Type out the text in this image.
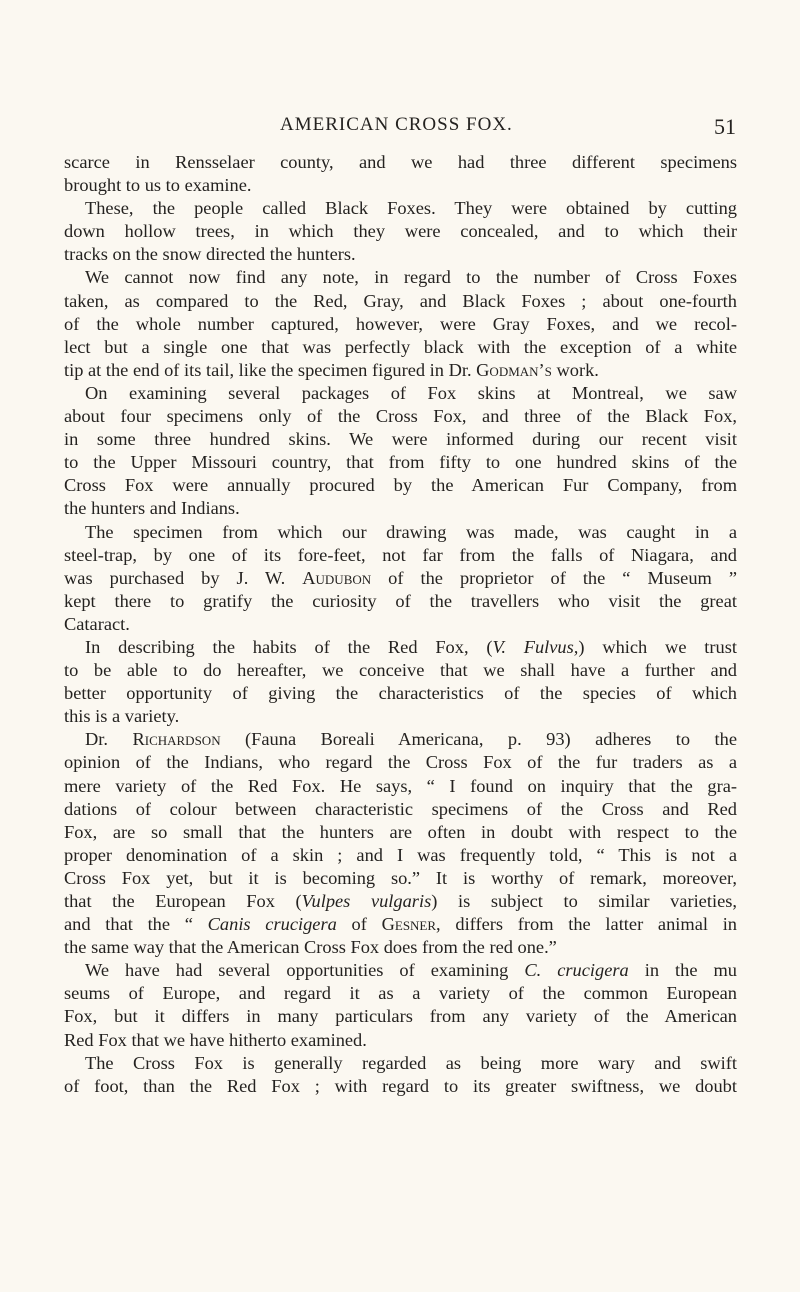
AMERICAN CROSS FOX.	51
scarce in Rensselaer county, and we had three different specimens
brought to us to examine.
These, the people called Black Foxes. They were obtained by cutting
down hollow trees, in which they were concealed, and to which their
tracks on the snow directed the hunters.
We cannot now find any note, in regard to the number of Cross Foxes
taken, as compared to the Red, Gray, and Black Foxes ; about one-fourth
of the whole number captured, however, were Gray Foxes, and we recol-
lect but a single one that was perfectly black with the exception of a white
tip at the end of its tail, like the specimen figured in Dr. Godman’s work.
On examining several packages of Fox skins at Montreal, we saw
about four specimens only of the Cross Fox, and three of the Black Fox,
in some three hundred skins. We were informed during our recent visit
to the Upper Missouri country, that from fifty to one hundred skins of the
Cross Fox were annually procured by the American Fur Company, from
the hunters and Indians.
The specimen from which our drawing was made, was caught in a
steel-trap, by one of its fore-feet, not far from the falls of Niagara, and
was purchased by J. W. Audubon of the proprietor of the “ Museum ”
kept there to gratify the curiosity of the travellers who visit the great
Cataract.
In describing the habits of the Red Fox, (V. Fulvus,) which we trust
to be able to do hereafter, we conceive that we shall have a further and
better opportunity of giving the characteristics of the species of which
this is a variety.
Dr. Richardson (Fauna Boreali Americana, p. 93) adheres to the
opinion of the Indians, who regard the Cross Fox of the fur traders as a
mere variety of the Red Fox. He says, “ I found on inquiry that the gra-
dations of colour between characteristic specimens of the Cross and Red
Fox, are so small that the hunters are often in doubt with respect to the
proper denomination of a skin ; and I was frequently told, “ This is not a
Cross Fox yet, but it is becoming so.” It is worthy of remark, moreover,
that the European Fox (Vulpes vulgaris) is subject to similar varieties,
and that the “ Canis crucigera of Gesner, differs from the latter animal in
the same way that the American Cross Fox does from the red one.”
We have had several opportunities of examining C. crucigera in the mu
seums of Europe, and regard it as a variety of the common European
Fox, but it differs in many particulars from any variety of the American
Red Fox that we have hitherto examined.
The Cross Fox is generally regarded as being more wary and swift
of foot, than the Red Fox ; with regard to its greater swiftness, we doubt
